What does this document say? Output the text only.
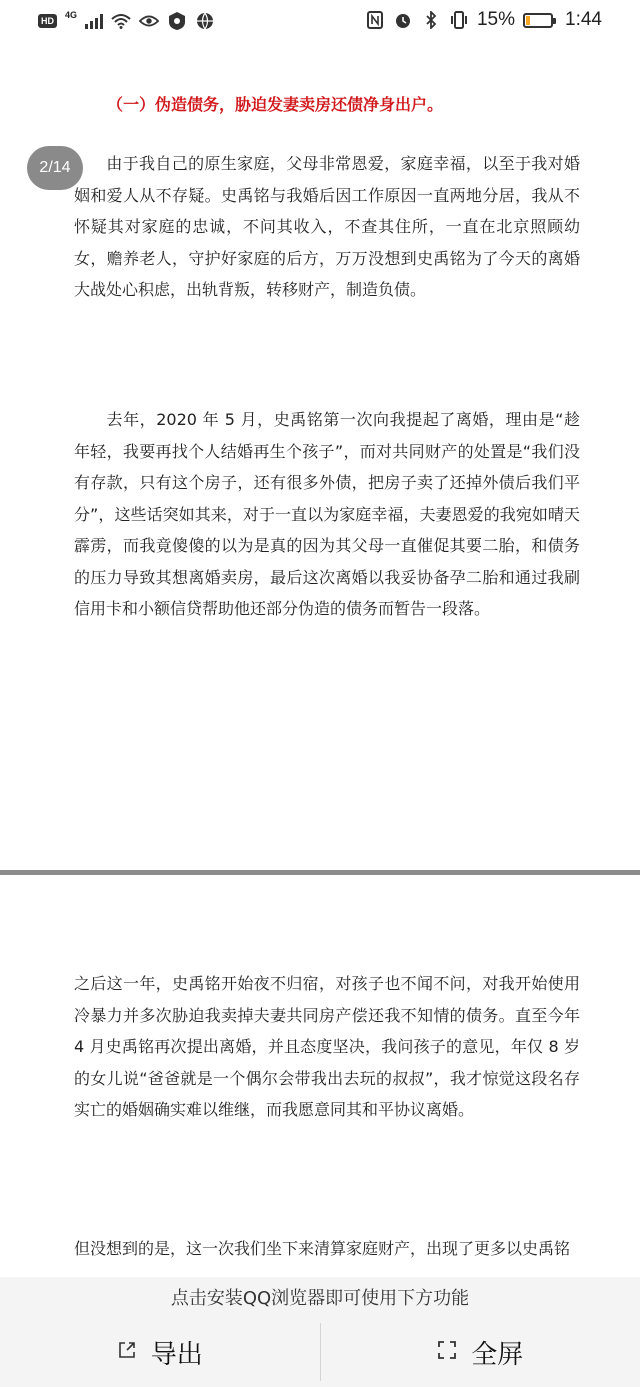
HD
4G	15%	1:44
（一）伪造债务，胁迫发妻卖房还债净身出户。
由于我自己的原生家庭，父母非常恩爱，家庭幸福，以至于我对婚姻和爱人从不存疑。史禹铭与我婚后因工作原因一直两地分居，我从不怀疑其对家庭的忠诚，不问其收入，不查其住所，一直在北京照顾幼女，赡养老人，守护好家庭的后方，万万没想到史禹铭为了今天的离婚大战处心积虑，出轨背叛，转移财产，制造负债。
去年，2020 年 5 月，史禹铭第一次向我提起了离婚，理由是“趁年轻，我要再找个人结婚再生个孩子”，而对共同财产的处置是“我们没有存款，只有这个房子，还有很多外债，把房子卖了还掉外债后我们平分”，这些话突如其来，对于一直以为家庭幸福，夫妻恩爱的我宛如晴天霹雳，而我竟傻傻的以为是真的因为其父母一直催促其要二胎，和债务的压力导致其想离婚卖房，最后这次离婚以我妥协备孕二胎和通过我刷信用卡和小额信贷帮助他还部分伪造的债务而暂告一段落。
2/14
之后这一年，史禹铭开始夜不归宿，对孩子也不闻不问，对我开始使用冷暴力并多次胁迫我卖掉夫妻共同房产偿还我不知情的债务。直至今年 4 月史禹铭再次提出离婚，并且态度坚决，我问孩子的意见，年仅 8 岁的女儿说“爸爸就是一个偶尔会带我出去玩的叔叔”，我才惊觉这段名存实亡的婚姻确实难以维继，而我愿意同其和平协议离婚。
但没想到的是，这一次我们坐下来清算家庭财产，出现了更多以史禹铭
点击安装QQ浏览器即可使用下方功能
导出	全屏
